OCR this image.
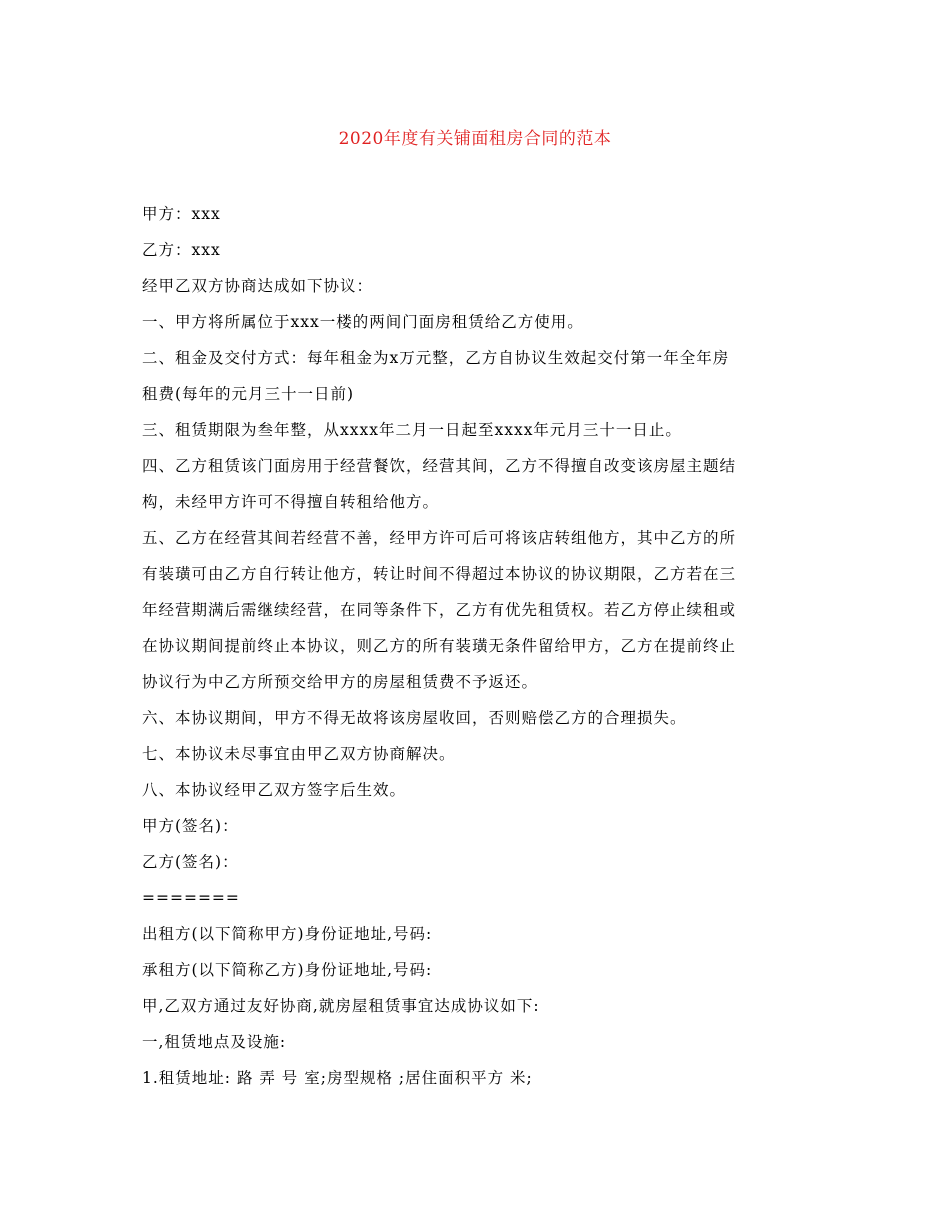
2020年度有关铺面租房合同的范本
甲方：xxx
乙方：xxx
经甲乙双方协商达成如下协议：
一、甲方将所属位于xxx一楼的两间门面房租赁给乙方使用。
二、租金及交付方式：每年租金为x万元整，乙方自协议生效起交付第一年全年房
租费(每年的元月三十一日前)
三、租赁期限为叁年整，从xxxx年二月一日起至xxxx年元月三十一日止。
四、乙方租赁该门面房用于经营餐饮，经营其间，乙方不得擅自改变该房屋主题结
构，未经甲方许可不得擅自转租给他方。
五、乙方在经营其间若经营不善，经甲方许可后可将该店转组他方，其中乙方的所
有装璜可由乙方自行转让他方，转让时间不得超过本协议的协议期限，乙方若在三
年经营期满后需继续经营，在同等条件下，乙方有优先租赁权。若乙方停止续租或
在协议期间提前终止本协议，则乙方的所有装璜无条件留给甲方，乙方在提前终止
协议行为中乙方所预交给甲方的房屋租赁费不予返还。
六、本协议期间，甲方不得无故将该房屋收回，否则赔偿乙方的合理损失。
七、本协议未尽事宜由甲乙双方协商解决。
八、本协议经甲乙双方签字后生效。
甲方(签名)：
乙方(签名)：
=======
出租方(以下简称甲方)身份证地址,号码:
承租方(以下简称乙方)身份证地址,号码:
甲,乙双方通过友好协商,就房屋租赁事宜达成协议如下:
一,租赁地点及设施:
1.租赁地址: 路 弄 号 室;房型规格 ;居住面积平方 米;
